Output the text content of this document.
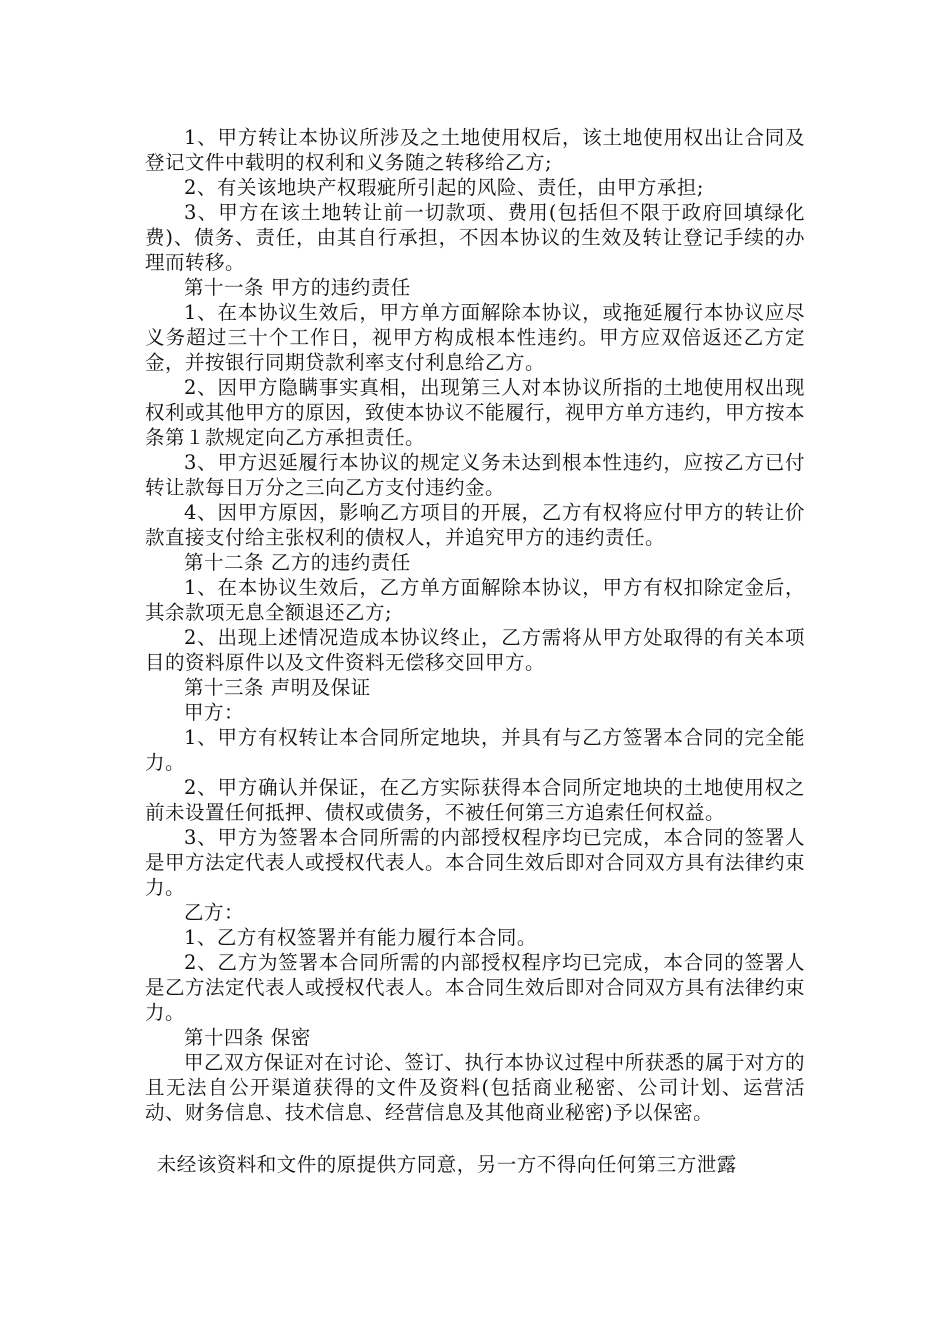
1、甲方转让本协议所涉及之土地使用权后，该土地使用权出让合同及登记文件中载明的权利和义务随之转移给乙方;

2、有关该地块产权瑕疵所引起的风险、责任，由甲方承担;

3、甲方在该土地转让前一切款项、费用(包括但不限于政府回填绿化费)、债务、责任，由其自行承担，不因本协议的生效及转让登记手续的办理而转移。

第十一条 甲方的违约责任

1、在本协议生效后，甲方单方面解除本协议，或拖延履行本协议应尽义务超过三十个工作日，视甲方构成根本性违约。甲方应双倍返还乙方定金，并按银行同期贷款利率支付利息给乙方。

2、因甲方隐瞒事实真相，出现第三人对本协议所指的土地使用权出现权利或其他甲方的原因，致使本协议不能履行，视甲方单方违约，甲方按本条第１款规定向乙方承担责任。

3、甲方迟延履行本协议的规定义务未达到根本性违约，应按乙方已付转让款每日万分之三向乙方支付违约金。

4、因甲方原因，影响乙方项目的开展，乙方有权将应付甲方的转让价款直接支付给主张权利的债权人，并追究甲方的违约责任。

第十二条 乙方的违约责任

1、在本协议生效后，乙方单方面解除本协议，甲方有权扣除定金后，其余款项无息全额退还乙方;

2、出现上述情况造成本协议终止，乙方需将从甲方处取得的有关本项目的资料原件以及文件资料无偿移交回甲方。

第十三条 声明及保证

甲方：

1、甲方有权转让本合同所定地块，并具有与乙方签署本合同的完全能力。

2、甲方确认并保证，在乙方实际获得本合同所定地块的土地使用权之前未设置任何抵押、债权或债务，不被任何第三方追索任何权益。

3、甲方为签署本合同所需的内部授权程序均已完成，本合同的签署人是甲方法定代表人或授权代表人。本合同生效后即对合同双方具有法律约束力。

乙方：

1、乙方有权签署并有能力履行本合同。

2、乙方为签署本合同所需的内部授权程序均已完成，本合同的签署人是乙方法定代表人或授权代表人。本合同生效后即对合同双方具有法律约束力。

第十四条 保密

甲乙双方保证对在讨论、签订、执行本协议过程中所获悉的属于对方的且无法自公开渠道获得的文件及资料(包括商业秘密、公司计划、运营活动、财务信息、技术信息、经营信息及其他商业秘密)予以保密。

未经该资料和文件的原提供方同意，另一方不得向任何第三方泄露
